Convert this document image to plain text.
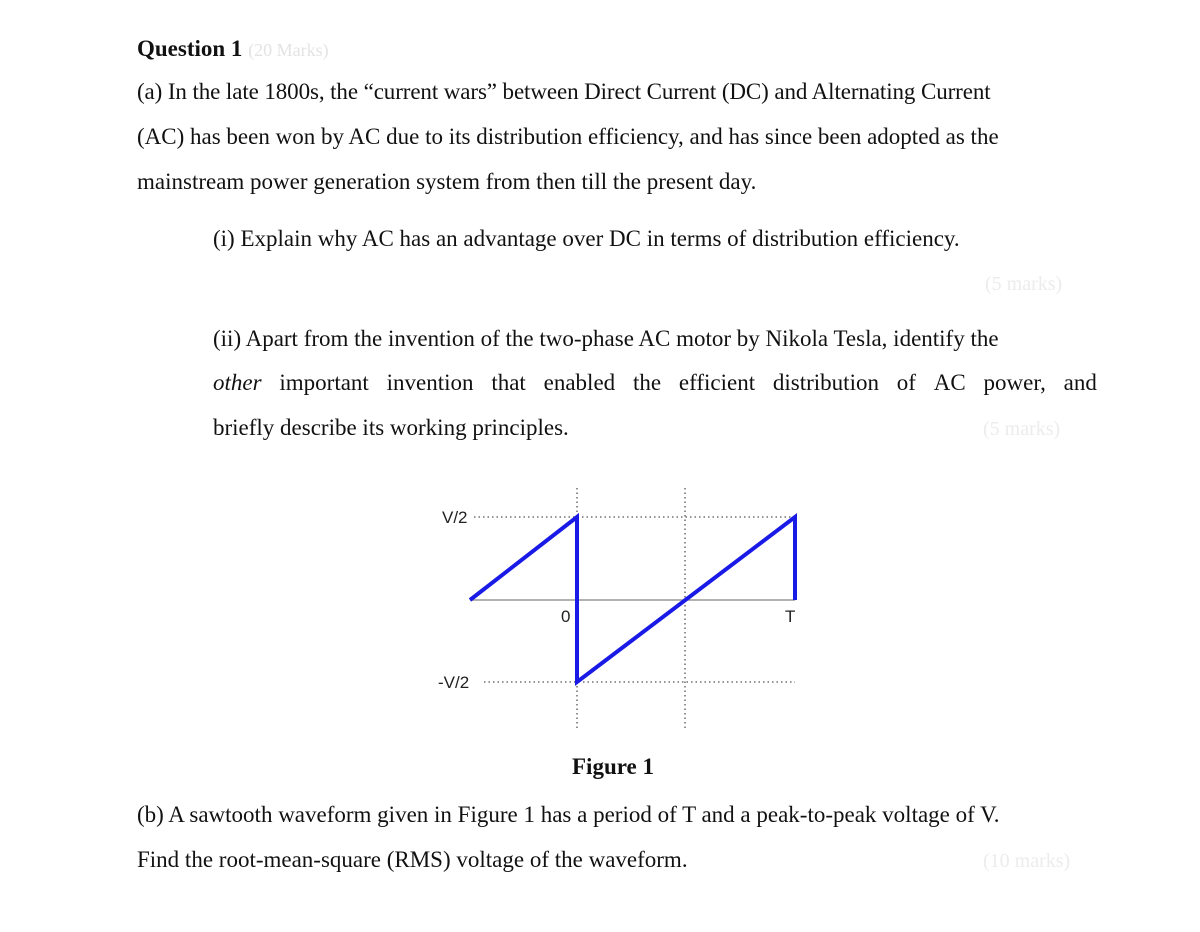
Question 1 (20 Marks)
(a) In the late 1800s, the “current wars” between Direct Current (DC) and Alternating Current
(AC) has been won by AC due to its distribution efficiency, and has since been adopted as the
mainstream power generation system from then till the present day.
(i) Explain why AC has an advantage over DC in terms of distribution efficiency.
(5 marks)
(ii) Apart from the invention of the two-phase AC motor by Nikola Tesla, identify the
other important invention that enabled the efficient distribution of AC power, and
briefly describe its working principles.	(5 marks)
V/2
-V/2
0	T
Figure 1
(b) A sawtooth waveform given in Figure 1 has a period of T and a peak-to-peak voltage of V.
Find the root-mean-square (RMS) voltage of the waveform.	(10 marks)
